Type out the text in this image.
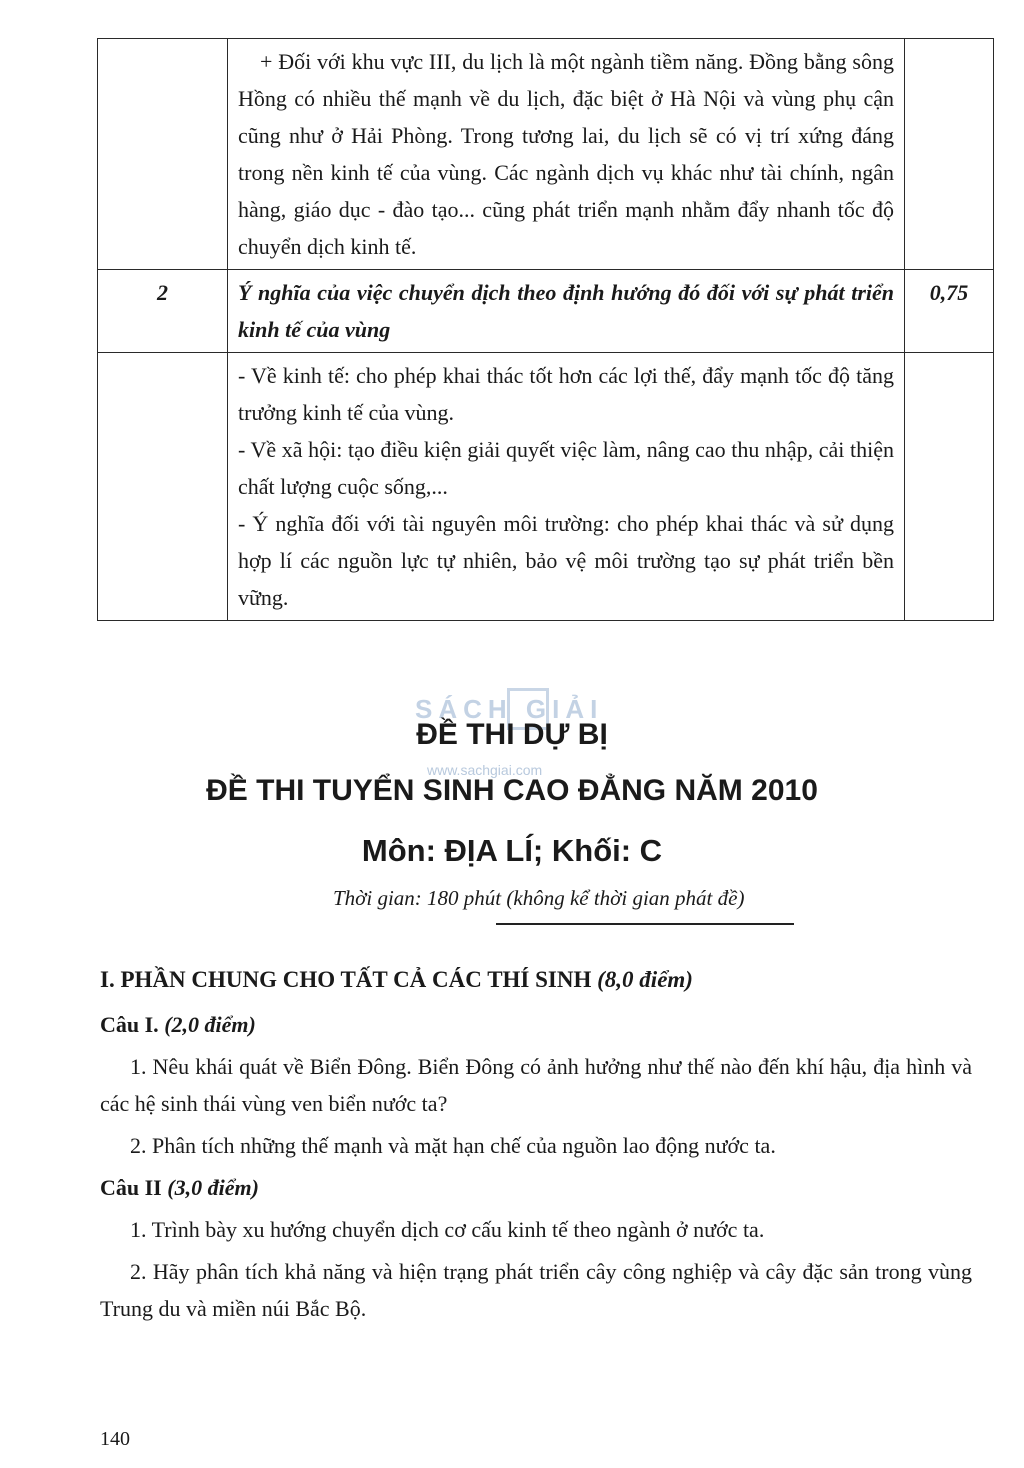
	+ Đối với khu vực III, du lịch là một ngành tiềm năng. Đồng bằng sông Hồng có nhiều thế mạnh về du lịch, đặc biệt ở Hà Nội và vùng phụ cận cũng như ở Hải Phòng. Trong tương lai, du lịch sẽ có vị trí xứng đáng trong nền kinh tế của vùng. Các ngành dịch vụ khác như tài chính, ngân hàng, giáo dục - đào tạo... cũng phát triển mạnh nhằm đẩy nhanh tốc độ chuyển dịch kinh tế.	

2	Ý nghĩa của việc chuyển dịch theo định hướng đó đối với sự phát triển kinh tế của vùng	0,75

	- Về kinh tế: cho phép khai thác tốt hơn các lợi thế, đẩy mạnh tốc độ tăng trưởng kinh tế của vùng.

- Về xã hội: tạo điều kiện giải quyết việc làm, nâng cao thu nhập, cải thiện chất lượng cuộc sống,...

- Ý nghĩa đối với tài nguyên môi trường: cho phép khai thác và sử dụng hợp lí các nguồn lực tự nhiên, bảo vệ môi trường tạo sự phát triển bền vững.	

SÁCH GIẢI
www.sachgiai.com
ĐỀ THI DỰ BỊ
ĐỀ THI TUYỂN SINH CAO ĐẲNG NĂM 2010
Môn: ĐỊA LÍ; Khối: C
Thời gian: 180 phút (không kể thời gian phát đề)
I. PHẦN CHUNG CHO TẤT CẢ CÁC THÍ SINH (8,0 điểm)
Câu I. (2,0 điểm)

1. Nêu khái quát về Biển Đông. Biển Đông có ảnh hưởng như thế nào đến khí hậu, địa hình và các hệ sinh thái vùng ven biển nước ta?

2. Phân tích những thế mạnh và mặt hạn chế của nguồn lao động nước ta.

Câu II (3,0 điểm)

1. Trình bày xu hướng chuyển dịch cơ cấu kinh tế theo ngành ở nước ta.

2. Hãy phân tích khả năng và hiện trạng phát triển cây công nghiệp và cây đặc sản trong vùng Trung du và miền núi Bắc Bộ.

140
